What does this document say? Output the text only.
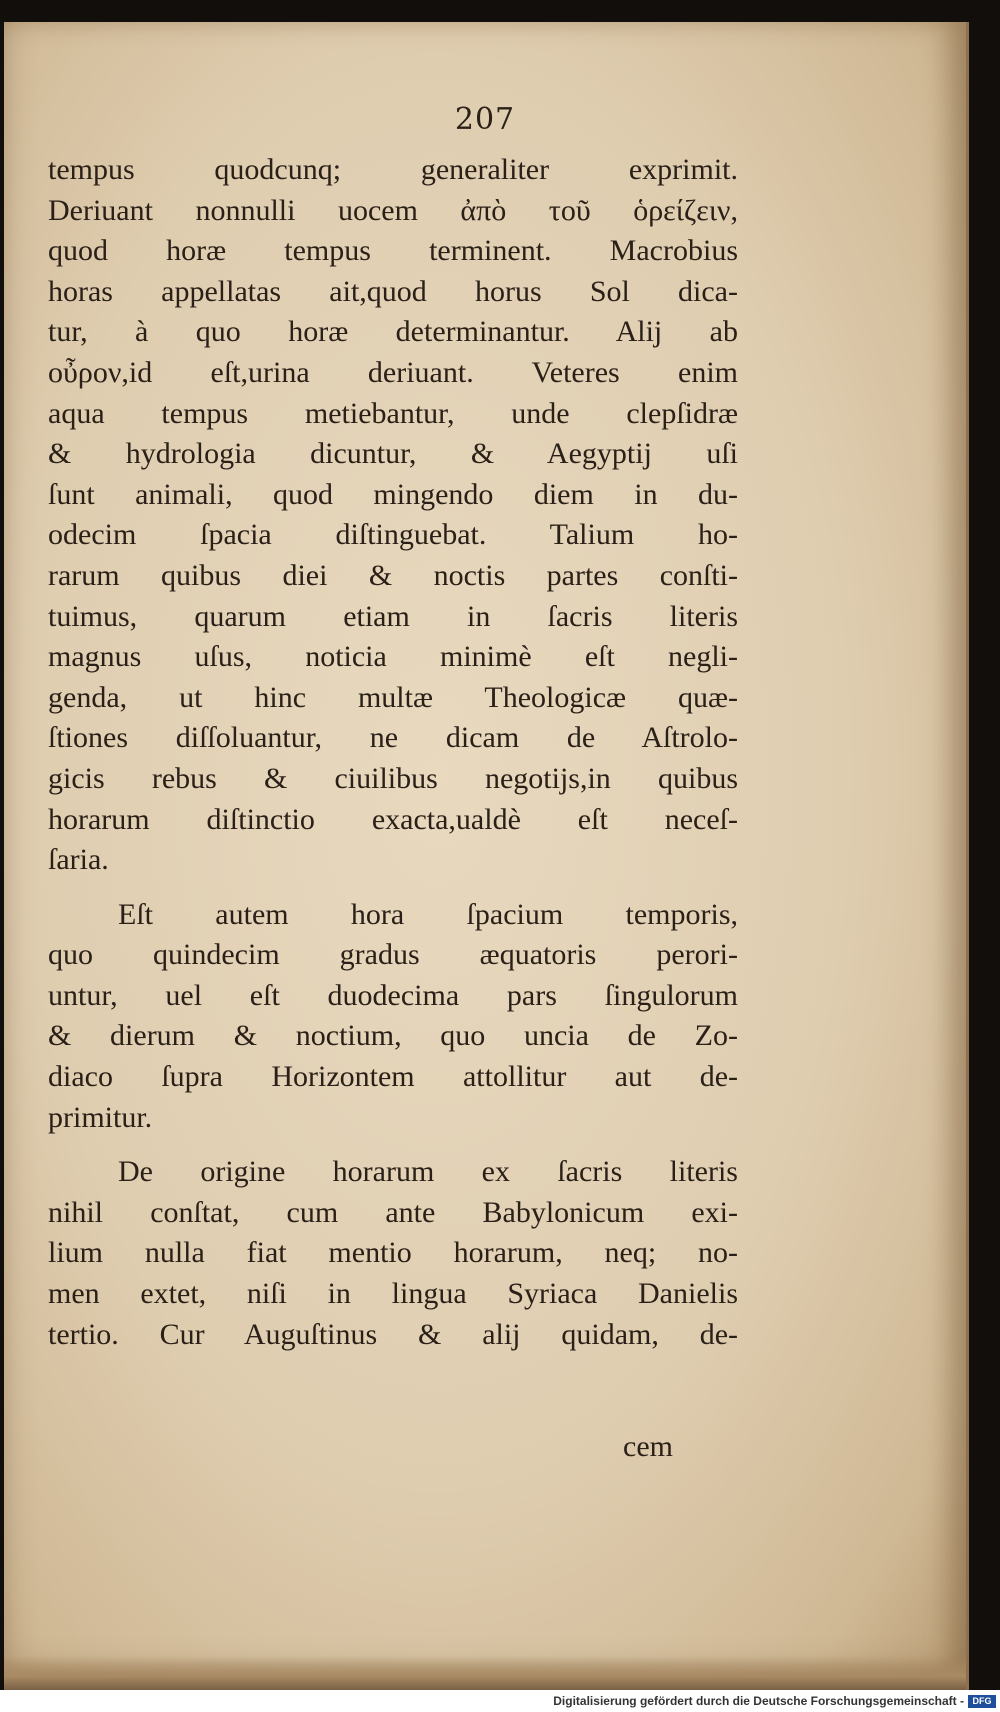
207
tempus quodcunq; generaliter exprimit.
Deriuant nonnulli uocem ἀπὸ τοῦ ὁρείζειν,
quod horæ tempus terminent. Macrobius
horas appellatas ait,quod horus Sol dica-
tur, à quo horæ determinantur. Alij ab
οὖρον,id eſt,urina deriuant. Veteres enim
aqua tempus metiebantur, unde clepſidræ
& hydrologia dicuntur, & Aegyptij uſi
ſunt animali, quod mingendo diem in du-
odecim ſpacia diſtinguebat. Talium ho-
rarum quibus diei & noctis partes conſti-
tuimus, quarum etiam in ſacris literis
magnus uſus, noticia minimè eſt negli-
genda, ut hinc multæ Theologicæ quæ-
ſtiones diſſoluantur, ne dicam de Aſtrolo-
gicis rebus & ciuilibus negotijs,in quibus
horarum diſtinctio exacta,ualdè eſt neceſ-
ſaria.
Eſt autem hora ſpacium temporis,
quo quindecim gradus æquatoris perori-
untur, uel eſt duodecima pars ſingulorum
& dierum & noctium, quo uncia de Zo-
diaco ſupra Horizontem attollitur aut de-
primitur.
De origine horarum ex ſacris literis
nihil conſtat, cum ante Babylonicum exi-
lium nulla fiat mentio horarum, neq; no-
men extet, niſi in lingua Syriaca Danielis
tertio. Cur Auguſtinus & alij quidam, de-
cem
Digitalisierung gefördert durch die Deutsche Forschungsgemeinschaft - DFG
